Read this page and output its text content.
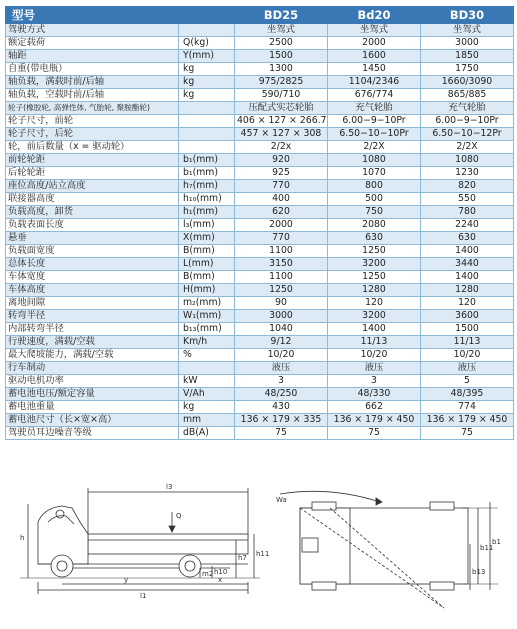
型号		BD25	Bd20	BD30
驾驶方式		坐驾式	坐驾式	坐驾式
额定载荷	Q(kg)	2500	2000	3000
轴距	Y(mm)	1500	1600	1850
自重(带电瓶）	kg	1300	1450	1750
轴负载，满载时前/后轴	kg	975/2825	1104/2346	1660/3090
轴负载，空载时前/后轴	kg	590/710	676/774	865/885
轮子(橡胶轮, 高弹性体, 气胎轮, 聚胺酯轮)		压配式实芯轮胎	充气轮胎	充气轮胎
轮子尺寸，前轮		406 × 127 × 266.7	6.00−9−10Pr	6.00−9−10Pr
轮子尺寸，后轮		457 × 127 × 308	6.50−10−10Pr	6.50−10−12Pr
轮，前后数量（x = 驱动轮）		2/2x	2/2X	2/2X
前轮轮距	b₁(mm)	920	1080	1080
后轮轮距	b₁(mm)	925	1070	1230
座位高度/站立高度	h₇(mm)	770	800	820
联接器高度	h₁₀(mm)	400	500	550
负载高度，卸货	h₁(mm)	620	750	780
负载表面长度	l₃(mm)	2000	2080	2240
悬垂	X(mm)	770	630	630
负载面宽度	B(mm)	1100	1250	1400
总体长度	L(mm)	3150	3200	3440
车体宽度	B(mm)	1100	1250	1400
车体高度	H(mm)	1250	1280	1280
离地间隙	m₂(mm)	90	120	120
转弯半径	W₁(mm)	3000	3200	3600
内部转弯半径	b₁₃(mm)	1040	1400	1500
行驶速度，满载/空载	Km/h	9/12	11/13	11/13
最大爬坡能力，满载/空载	%	10/20	10/20	10/20
行车制动		液压	液压	液压
驱动电机功率	kW	3	3	5
蓄电池电压/额定容量	V/Ah	48/250	48/330	48/395
蓄电池重量	kg	430	662	774
蓄电池尺寸（长×宽×高）	mm	136 × 179 × 335	136 × 179 × 450	136 × 179 × 450
驾驶员耳边噪音等级	dB(A)	75	75	75
l3
Q
h
h11
h7
h10
m2
x
y
l1
Wa
b11
b13
b1
